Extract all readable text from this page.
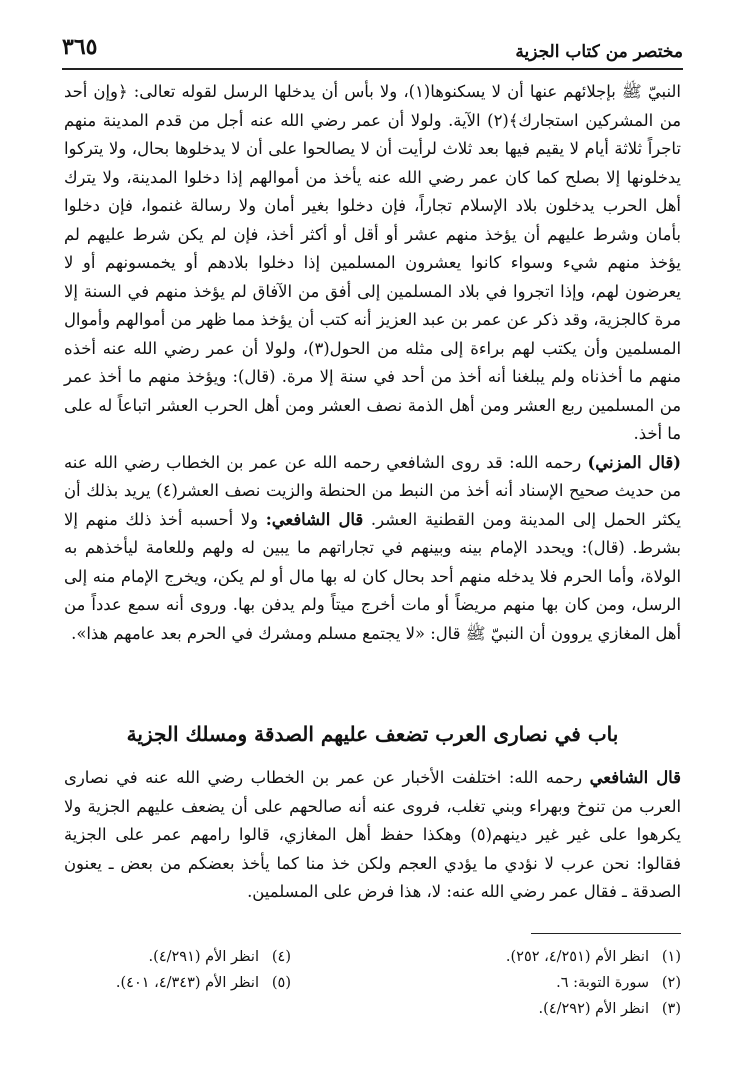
مختصر من كتاب الجزية
٣٦٥

النبيّ ﷺ بإجلائهم عنها أن لا يسكنوها(١)، ولا بأس أن يدخلها الرسل لقوله تعالى: ﴿وإن أحد من المشركين استجارك﴾(٢) الآية. ولولا أن عمر رضي الله عنه أجل من قدم المدينة منهم تاجراً ثلاثة أيام لا يقيم فيها بعد ثلاث لرأيت أن لا يصالحوا على أن لا يدخلوها بحال، ولا يتركوا يدخلونها إلا بصلح كما كان عمر رضي الله عنه يأخذ من أموالهم إذا دخلوا المدينة، ولا يترك أهل الحرب يدخلون بلاد الإسلام تجاراً، فإن دخلوا بغير أمان ولا رسالة غنموا، فإن دخلوا بأمان وشرط عليهم أن يؤخذ منهم عشر أو أقل أو أكثر أخذ، فإن لم يكن شرط عليهم لم يؤخذ منهم شيء وسواء كانوا يعشرون المسلمين إذا دخلوا بلادهم أو يخمسونهم أو لا يعرضون لهم، وإذا اتجروا في بلاد المسلمين إلى أفق من الآفاق لم يؤخذ منهم في السنة إلا مرة كالجزية، وقد ذكر عن عمر بن عبد العزيز أنه كتب أن يؤخذ مما ظهر من أموالهم وأموال المسلمين وأن يكتب لهم براءة إلى مثله من الحول(٣)، ولولا أن عمر رضي الله عنه أخذه منهم ما أخذناه ولم يبلغنا أنه أخذ من أحد في سنة إلا مرة. (قال): ويؤخذ منهم ما أخذ عمر من المسلمين ربع العشر ومن أهل الذمة نصف العشر ومن أهل الحرب العشر اتباعاً له على ما أخذ.

(قال المزني) رحمه الله: قد روى الشافعي رحمه الله عن عمر بن الخطاب رضي الله عنه من حديث صحيح الإسناد أنه أخذ من النبط من الحنطة والزيت نصف العشر(٤) يريد بذلك أن يكثر الحمل إلى المدينة ومن القطنية العشر. قال الشافعي: ولا أحسبه أخذ ذلك منهم إلا بشرط. (قال): ويحدد الإمام بينه وبينهم في تجاراتهم ما يبين له ولهم وللعامة ليأخذهم به الولاة، وأما الحرم فلا يدخله منهم أحد بحال كان له بها مال أو لم يكن، ويخرج الإمام منه إلى الرسل، ومن كان بها منهم مريضاً أو مات أخرج ميتاً ولم يدفن بها. وروى أنه سمع عدداً من أهل المغازي يروون أن النبيّ ﷺ قال: «لا يجتمع مسلم ومشرك في الحرم بعد عامهم هذا».

باب في نصارى العرب تضعف عليهم الصدقة ومسلك الجزية

قال الشافعي رحمه الله: اختلفت الأخبار عن عمر بن الخطاب رضي الله عنه في نصارى العرب من تنوخ وبهراء وبني تغلب، فروى عنه أنه صالحهم على أن يضعف عليهم الجزية ولا يكرهوا على غير غير دينهم(٥) وهكذا حفظ أهل المغازي، قالوا رامهم عمر على الجزية فقالوا: نحن عرب لا نؤدي ما يؤدي العجم ولكن خذ منا كما يأخذ بعضكم من بعض ـ يعنون الصدقة ـ فقال عمر رضي الله عنه: لا، هذا فرض على المسلمين.

(١)انظر الأم (٤/٢٥١، ٢٥٢).
(٢)سورة التوبة: ٦.
(٣)انظر الأم (٤/٢٩٢).
(٤)انظر الأم (٤/٢٩١).
(٥)انظر الأم (٤/٣٤٣، ٤٠١).
